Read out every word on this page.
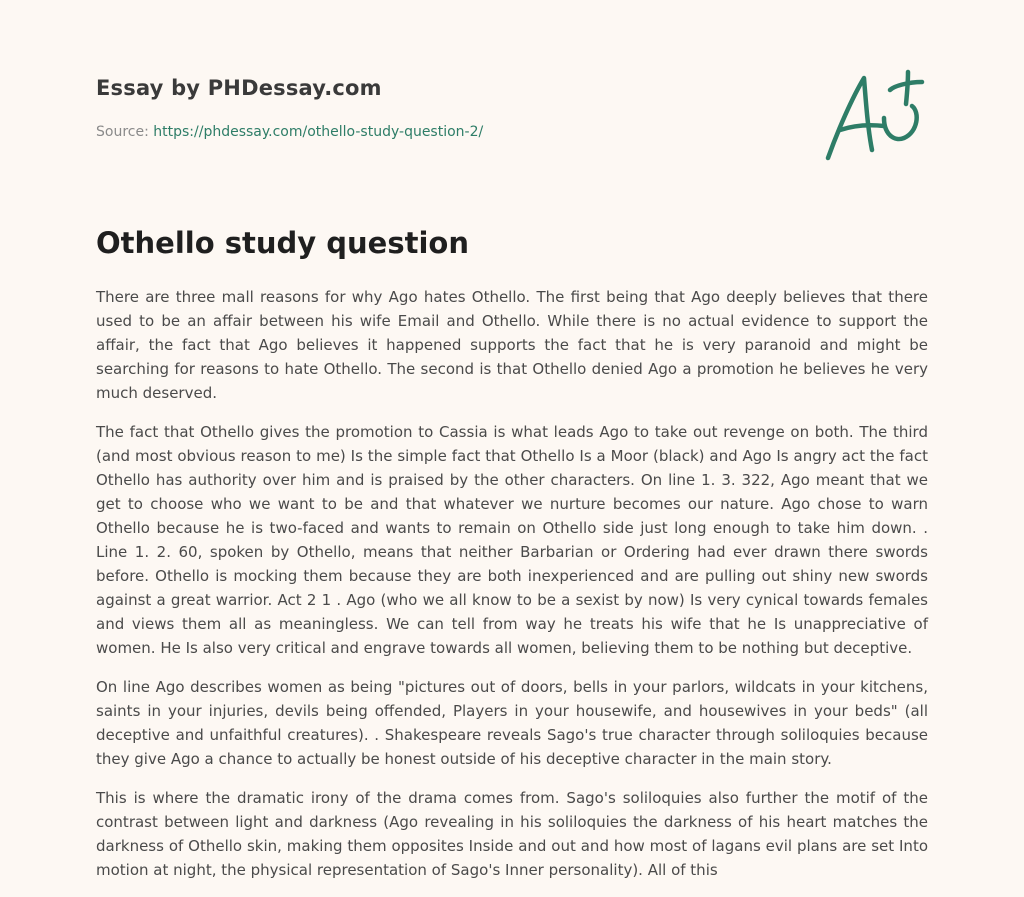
Essay by PHDessay.com
Source: https://phdessay.com/othello-study-question-2/
Othello study question

There are three mall reasons for why Ago hates Othello. The first being that Ago deeply believes that there used to be an affair between his wife Email and Othello. While there is no actual evidence to support the affair, the fact that Ago believes it happened supports the fact that he is very paranoid and might be searching for reasons to hate Othello. The second is that Othello denied Ago a promotion he believes he very much deserved.

The fact that Othello gives the promotion to Cassia is what leads Ago to take out revenge on both. The third (and most obvious reason to me) Is the simple fact that Othello Is a Moor (black) and Ago Is angry act the fact Othello has authority over him and is praised by the other characters. On line 1. 3. 322, Ago meant that we get to choose who we want to be and that whatever we nurture becomes our nature. Ago chose to warn Othello because he is two-faced and wants to remain on Othello side just long enough to take him down. . Line 1. 2. 60, spoken by Othello, means that neither Barbarian or Ordering had ever drawn there swords before. Othello is mocking them because they are both inexperienced and are pulling out shiny new swords against a great warrior. Act 2 1 . Ago (who we all know to be a sexist by now) Is very cynical towards females and views them all as meaningless. We can tell from way he treats his wife that he Is unappreciative of women. He Is also very critical and engrave towards all women, believing them to be nothing but deceptive.

On line Ago describes women as being "pictures out of doors, bells in your parlors, wildcats in your kitchens, saints in your injuries, devils being offended, Players in your housewife, and housewives in your beds" (all deceptive and unfaithful creatures). . Shakespeare reveals Sago's true character through soliloquies because they give Ago a chance to actually be honest outside of his deceptive character in the main story.

This is where the dramatic irony of the drama comes from. Sago's soliloquies also further the motif of the contrast between light and darkness (Ago revealing in his soliloquies the darkness of his heart matches the darkness of Othello skin, making them opposites Inside and out and how most of lagans evil plans are set Into motion at night, the physical representation of Sago's Inner personality). All of this
